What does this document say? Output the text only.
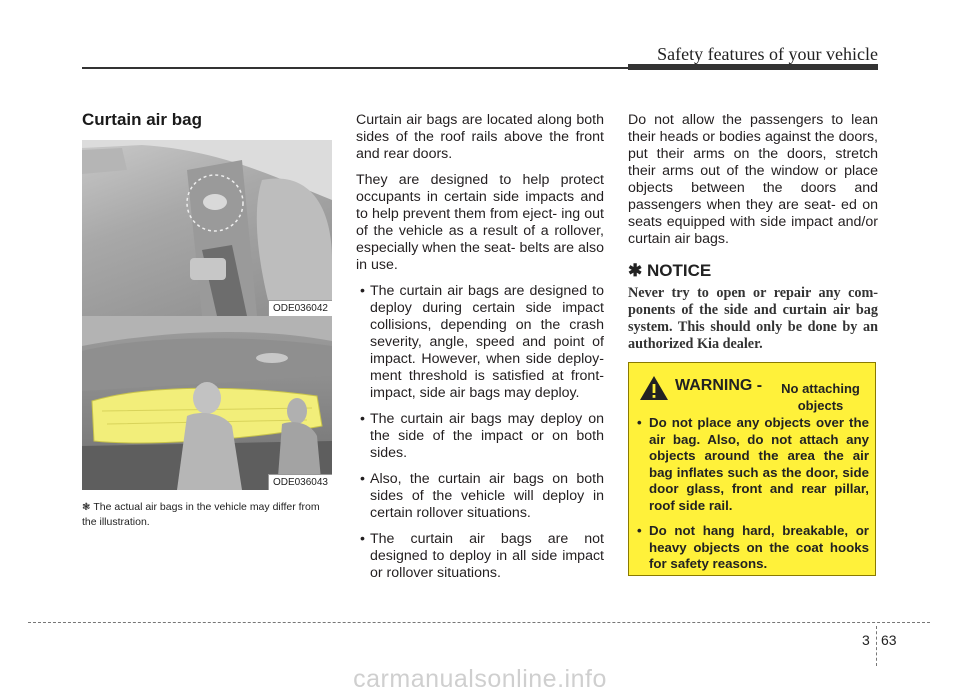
Safety features of your vehicle
Curtain air bag
ODE036042
ODE036043
❃ The actual air bags in the vehicle may differ from the illustration.

Curtain air bags are located along both sides of the roof rails above the front and rear doors.

They are designed to help protect occupants in certain side impacts and to help prevent them from eject- ing out of the vehicle as a result of a rollover, especially when the seat- belts are also in use.

• The curtain air bags are designed to deploy during certain side impact collisions, depending on the crash severity, angle, speed and point of impact. However, when side deploy- ment threshold is satisfied at front- impact, side air bags may deploy.
• The curtain air bags may deploy on the side of the impact or on both sides.
• Also, the curtain air bags on both sides of the vehicle will deploy in certain rollover situations.
• The curtain air bags are not designed to deploy in all side impact or rollover situations.

Do not allow the passengers to lean their heads or bodies against the doors, put their arms on the doors, stretch their arms out of the window or place objects between the doors and passengers when they are seat- ed on seats equipped with side impact and/or curtain air bags.

✱ NOTICE

Never try to open or repair any com- ponents of the side and curtain air bag system. This should only be done by an authorized Kia dealer.

WARNING -	No attaching objects
• Do not place any objects over the air bag. Also, do not attach any objects around the area the air bag inflates such as the door, side door glass, front and rear pillar, roof side rail.
• Do not hang hard, breakable, or heavy objects on the coat hooks for safety reasons.
3 63
carmanualsonline.info
